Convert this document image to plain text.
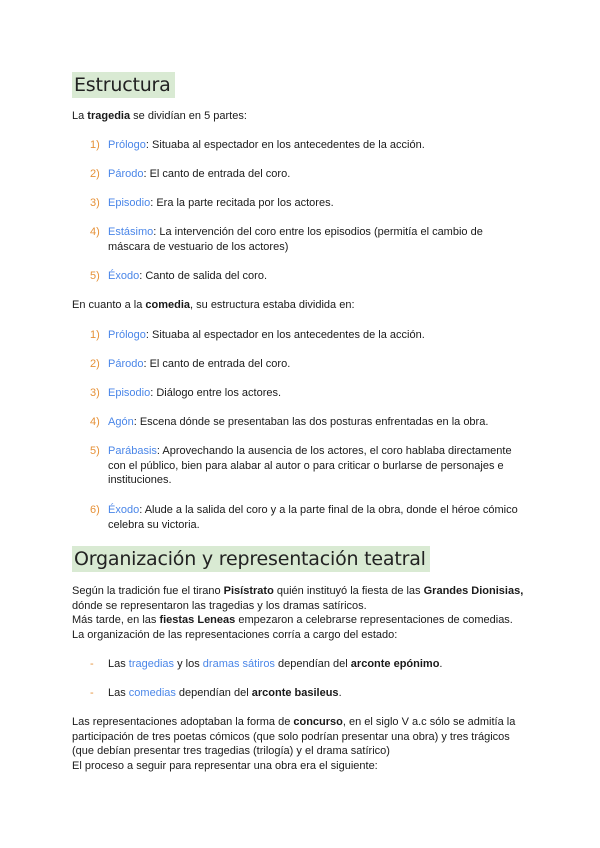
Estructura

La tragedia se dividían en 5 partes:

1) Prólogo: Situaba al espectador en los antecedentes de la acción.
2) Párodo: El canto de entrada del coro.
3) Episodio: Era la parte recitada por los actores.
4) Estásimo: La intervención del coro entre los episodios (permitía el cambio de máscara de vestuario de los actores)
5) Éxodo: Canto de salida del coro.

En cuanto a la comedia, su estructura estaba dividida en:

1) Prólogo: Situaba al espectador en los antecedentes de la acción.
2) Párodo: El canto de entrada del coro.
3) Episodio: Diálogo entre los actores.
4) Agón: Escena dónde se presentaban las dos posturas enfrentadas en la obra.
5) Parábasis: Aprovechando la ausencia de los actores, el coro hablaba directamente con el público, bien para alabar al autor o para criticar o burlarse de personajes e instituciones.
6) Éxodo: Alude a la salida del coro y a la parte final de la obra, donde el héroe cómico celebra su victoria.
Organización y representación teatral

Según la tradición fue el tirano Pisístrato quién instituyó la fiesta de las Grandes Dionisias, dónde se representaron las tragedias y los dramas satíricos.

Más tarde, en las fiestas Leneas empezaron a celebrarse representaciones de comedias.

La organización de las representaciones corría a cargo del estado:

- Las tragedias y los dramas sátiros dependían del arconte epónimo.
- Las comedias dependían del arconte basileus.

Las representaciones adoptaban la forma de concurso, en el siglo V a.c sólo se admitía la participación de tres poetas cómicos (que solo podrían presentar una obra) y tres trágicos (que debían presentar tres tragedias (trilogía) y el drama satírico)

El proceso a seguir para representar una obra era el siguiente:
